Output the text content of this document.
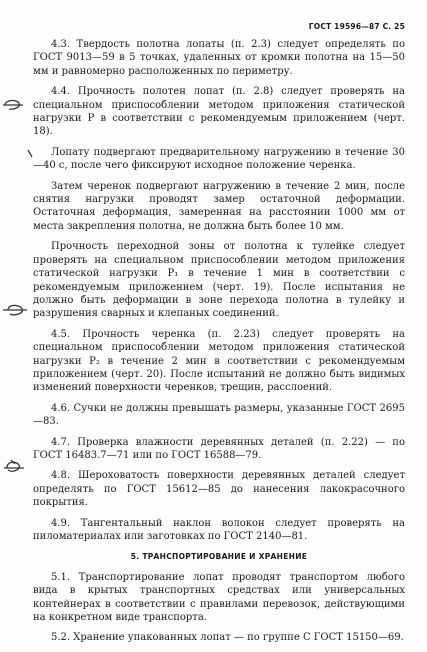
ГОСТ 19596—87 С. 25

4.3. Твердость полотна лопаты (п. 2.3) следует определять по ГОСТ 9013—59 в 5 точках, удаленных от кромки полотна на 15—50 мм и равномерно расположенных по периметру.

4.4. Прочность полотен лопат (п. 2.8) следует проверять на специальном приспособлении методом приложения статической нагрузки P в соответствии с рекомендуемым приложением (черт. 18).

Лопату подвергают предварительному нагружению в течение 30—40 с, после чего фиксируют исходное положение черенка.

Затем черенок подвергают нагружению в течение 2 мин, после снятия нагрузки проводят замер остаточной деформации. Остаточная деформация, замеренная на расстоянии 1000 мм от места закрепления полотна, не должна быть более 10 мм.

Прочность переходной зоны от полотна к тулейке следует проверять на специальном приспособлении методом приложения статической нагрузки P₁ в течение 1 мин в соответствии с рекомендуемым приложением (черт. 19). После испытания не должно быть деформации в зоне перехода полотна в тулейку и разрушения сварных и клепаных соединений.

4.5. Прочность черенка (п. 2.23) следует проверять на специальном приспособлении методом приложения статической нагрузки P₂ в течение 2 мин в соответствии с рекомендуемым приложением (черт. 20). После испытаний не должно быть видимых изменений поверхности черенков, трещин, расслоений.

4.6. Сучки не должны превышать размеры, указанные ГОСТ 2695—83.

4.7. Проверка влажности деревянных деталей (п. 2.22) — по ГОСТ 16483.7—71 или по ГОСТ 16588—79.

4.8. Шероховатость поверхности деревянных деталей следует определять по ГОСТ 15612—85 до нанесения лакокрасочного покрытия.

4.9. Тангентальный наклон волокон следует проверять на пиломатериалах или заготовках по ГОСТ 2140—81.

5. ТРАНСПОРТИРОВАНИЕ И ХРАНЕНИЕ

5.1. Транспортирование лопат проводят транспортом любого вида в крытых транспортных средствах или универсальных контейнерах в соответствии с правилами перевозок, действующими на конкретном виде транспорта.

5.2. Хранение упакованных лопат — по группе С ГОСТ 15150—69.
